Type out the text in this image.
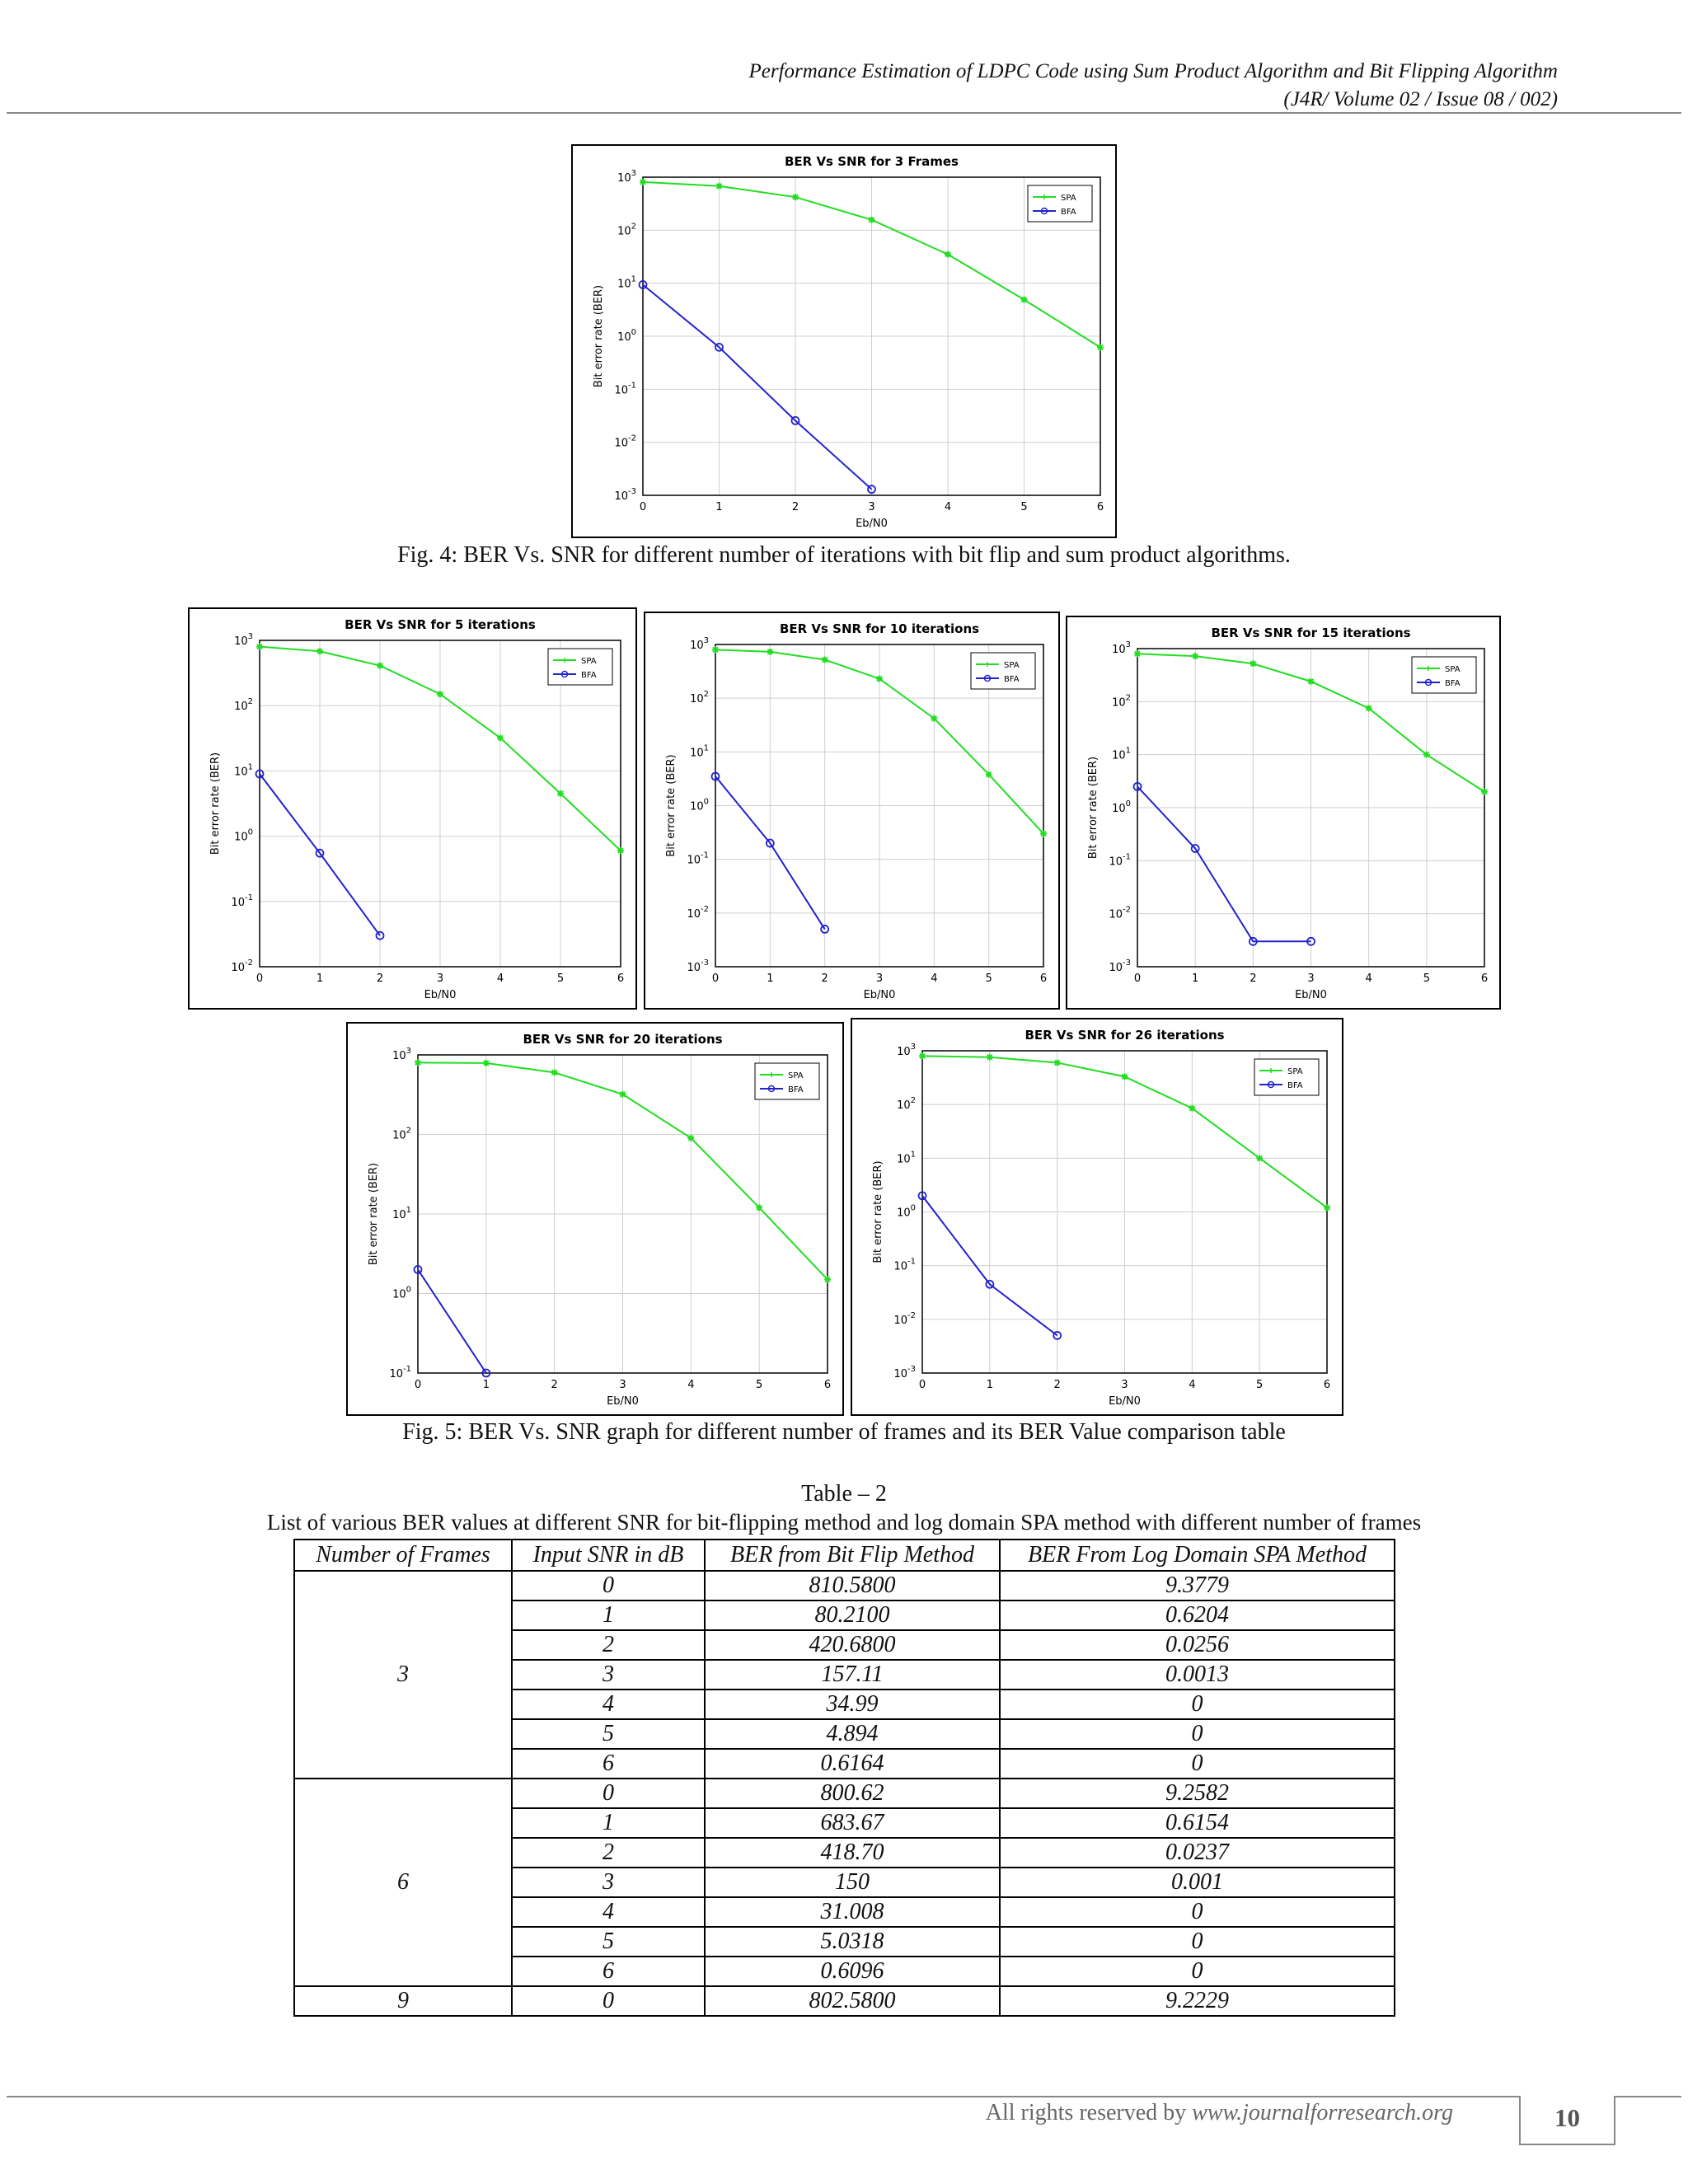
Performance Estimation of LDPC Code using Sum Product Algorithm and Bit Flipping Algorithm
(J4R/ Volume 02 / Issue 08 / 002)
BER Vs SNR for 3 Frames
0	1	2	3	4	5	6
$10^3$
$10^2$
$10^1$
$10^0$
$10^{-1}$
$10^{-2}$
$10^{-3}$
Eb/N0
Bit error rate (BER)
SPA
BFA
Fig. 4: BER Vs. SNR for different number of iterations with bit flip and sum product algorithms.
BER Vs SNR for 5 iterations
0	1	2	3	4	5	6
$10^3$
$10^2$
$10^1$
$10^0$
$10^{-1}$
$10^{-2}$
Eb/N0
Bit error rate (BER)
SPA
BFA
BER Vs SNR for 10 iterations
0	1	2	3	4	5	6
$10^3$
$10^2$
$10^1$
$10^0$
$10^{-1}$
$10^{-2}$
$10^{-3}$
Eb/N0
Bit error rate (BER)
SPA
BFA
BER Vs SNR for 15 iterations
0	1	2	3	4	5	6
$10^3$
$10^2$
$10^1$
$10^0$
$10^{-1}$
$10^{-2}$
$10^{-3}$
Eb/N0
Bit error rate (BER)
SPA
BFA
BER Vs SNR for 20 iterations
0	1	2	3	4	5	6
$10^3$
$10^2$
$10^1$
$10^0$
$10^{-1}$
Eb/N0
Bit error rate (BER)
SPA
BFA
BER Vs SNR for 26 iterations
0	1	2	3	4	5	6
$10^3$
$10^2$
$10^1$
$10^0$
$10^{-1}$
$10^{-2}$
$10^{-3}$
Eb/N0
Bit error rate (BER)
SPA
BFA
Fig. 5: BER Vs. SNR graph for different number of frames and its BER Value comparison table
Table – 2
List of various BER values at different SNR for bit-flipping method and log domain SPA method with different number of frames
Number of Frames	Input SNR in dB	BER from Bit Flip Method	BER From Log Domain SPA Method
3	0	810.5800	9.3779
	1	80.2100	0.6204
	2	420.6800	0.0256
	3	157.11	0.0013
	4	34.99	0
	5	4.894	0
	6	0.6164	0
6	0	800.62	9.2582
	1	683.67	0.6154
	2	418.70	0.0237
	3	150	0.001
	4	31.008	0
	5	5.0318	0
	6	0.6096	0
9	0	802.5800	9.2229
10
All rights reserved by www.journalforresearch.org
